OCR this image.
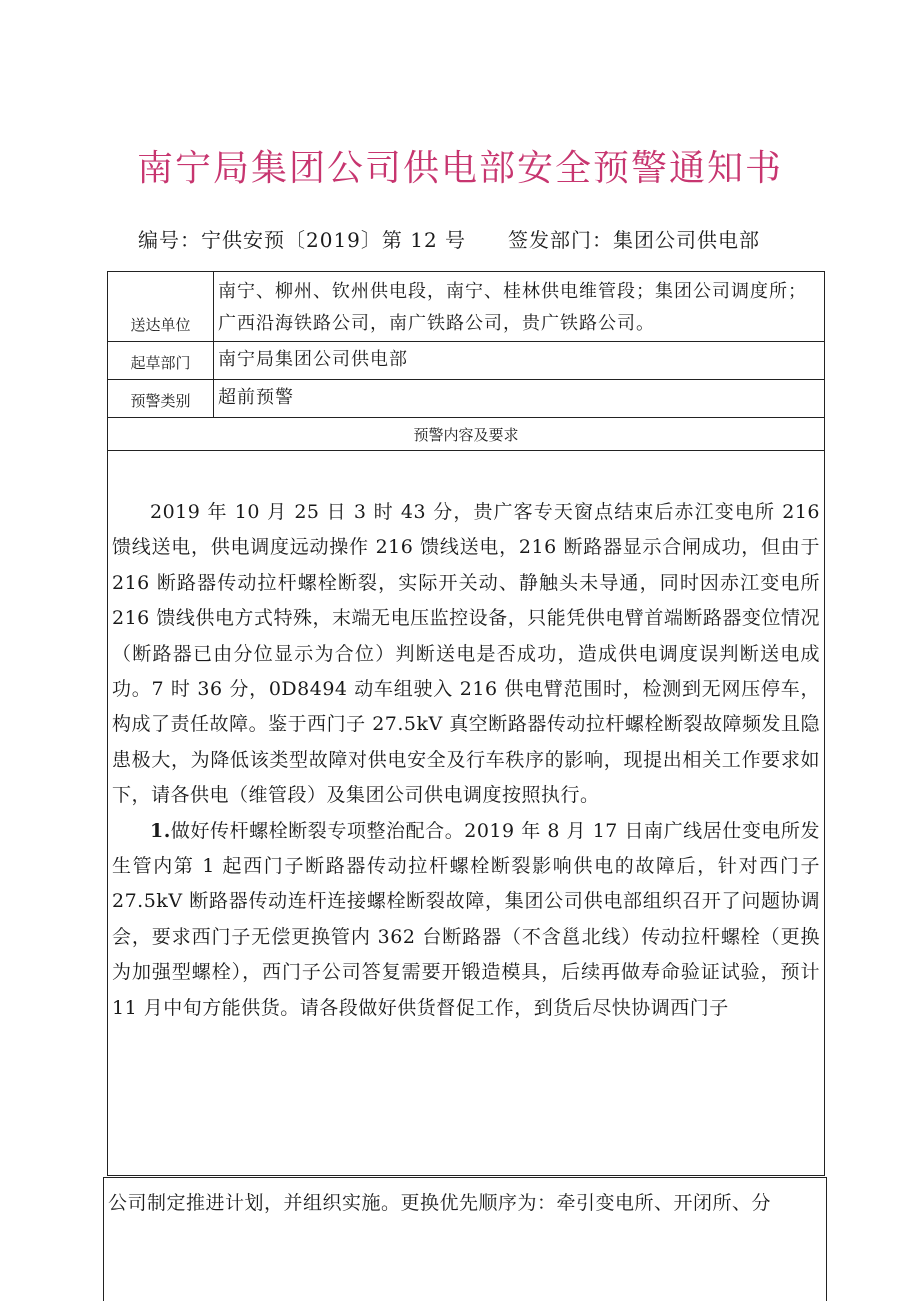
南宁局集团公司供电部安全预警通知书
编号：宁供安预〔2019〕第 12 号 签发部门：集团公司供电部
送达单位
南宁、柳州、钦州供电段，南宁、桂林供电维管段；集团公司调度所；广西沿海铁路公司，南广铁路公司，贵广铁路公司。
起草部门	南宁局集团公司供电部
预警类别	超前预警
预警内容及要求

2019 年 10 月 25 日 3 时 43 分，贵广客专天窗点结束后赤江变电所 216 馈线送电，供电调度远动操作 216 馈线送电，216 断路器显示合闸成功，但由于 216 断路器传动拉杆螺栓断裂，实际开关动、静触头未导通，同时因赤江变电所 216 馈线供电方式特殊，末端无电压监控设备，只能凭供电臂首端断路器变位情况（断路器已由分位显示为合位）判断送电是否成功，造成供电调度误判断送电成功。7 时 36 分，0D8494 动车组驶入 216 供电臂范围时，检测到无网压停车，构成了责任故障。鉴于西门子 27.5kV 真空断路器传动拉杆螺栓断裂故障频发且隐患极大，为降低该类型故障对供电安全及行车秩序的影响，现提出相关工作要求如下，请各供电（维管段）及集团公司供电调度按照执行。

1.做好传杆螺栓断裂专项整治配合。2019 年 8 月 17 日南广线居仕变电所发生管内第 1 起西门子断路器传动拉杆螺栓断裂影响供电的故障后，针对西门子 27.5kV 断路器传动连杆连接螺栓断裂故障，集团公司供电部组织召开了问题协调会，要求西门子无偿更换管内 362 台断路器（不含邕北线）传动拉杆螺栓（更换为加强型螺栓），西门子公司答复需要开锻造模具，后续再做寿命验证试验，预计 11 月中旬方能供货。请各段做好供货督促工作，到货后尽快协调西门子

公司制定推进计划，并组织实施。更换优先顺序为：牵引变电所、开闭所、分
